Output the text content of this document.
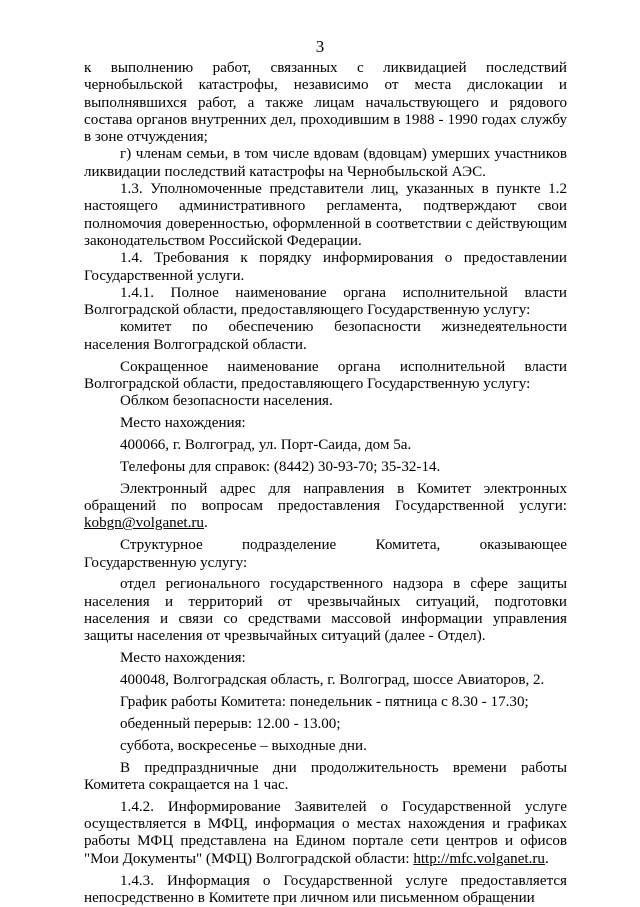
3

к выполнению работ, связанных с ликвидацией последствий чернобыльской катастрофы, независимо от места дислокации и выполнявшихся работ, а также лицам начальствующего и рядового состава органов внутренних дел, проходившим в 1988 - 1990 годах службу в зоне отчуждения;

г) членам семьи, в том числе вдовам (вдовцам) умерших участников ликвидации последствий катастрофы на Чернобыльской АЭС.

1.3. Уполномоченные представители лиц, указанных в пункте 1.2 настоящего административного регламента, подтверждают свои полномочия доверенностью, оформленной в соответствии с действующим законодательством Российской Федерации.

1.4. Требования к порядку информирования о предоставлении Государственной услуги.

1.4.1. Полное наименование органа исполнительной власти Волгоградской области, предоставляющего Государственную услугу:

комитет по обеспечению безопасности жизнедеятельности населения Волгоградской области.

Сокращенное наименование органа исполнительной власти Волгоградской области, предоставляющего Государственную услугу:

Облком безопасности населения.

Место нахождения:

400066, г. Волгоград, ул. Порт-Саида, дом 5а.

Телефоны для справок: (8442) 30-93-70; 35-32-14.

Электронный адрес для направления в Комитет электронных обращений по вопросам предоставления Государственной услуги: kobgn@volganet.ru.

Структурное подразделение Комитета, оказывающее Государственную услугу:

отдел регионального государственного надзора в сфере защиты населения и территорий от чрезвычайных ситуаций, подготовки населения и связи со средствами массовой информации управления защиты населения от чрезвычайных ситуаций (далее - Отдел).

Место нахождения:

400048, Волгоградская область, г. Волгоград, шоссе Авиаторов, 2.

График работы Комитета: понедельник - пятница с 8.30 - 17.30;

обеденный перерыв: 12.00 - 13.00;

суббота, воскресенье – выходные дни.

В предпраздничные дни продолжительность времени работы Комитета сокращается на 1 час.

1.4.2. Информирование Заявителей о Государственной услуге осуществляется в МФЦ, информация о местах нахождения и графиках работы МФЦ представлена на Едином портале сети центров и офисов "Мои Документы" (МФЦ) Волгоградской области: http://mfc.volganet.ru.

1.4.3. Информация о Государственной услуге предоставляется непосредственно в Комитете при личном или письменном обращении
